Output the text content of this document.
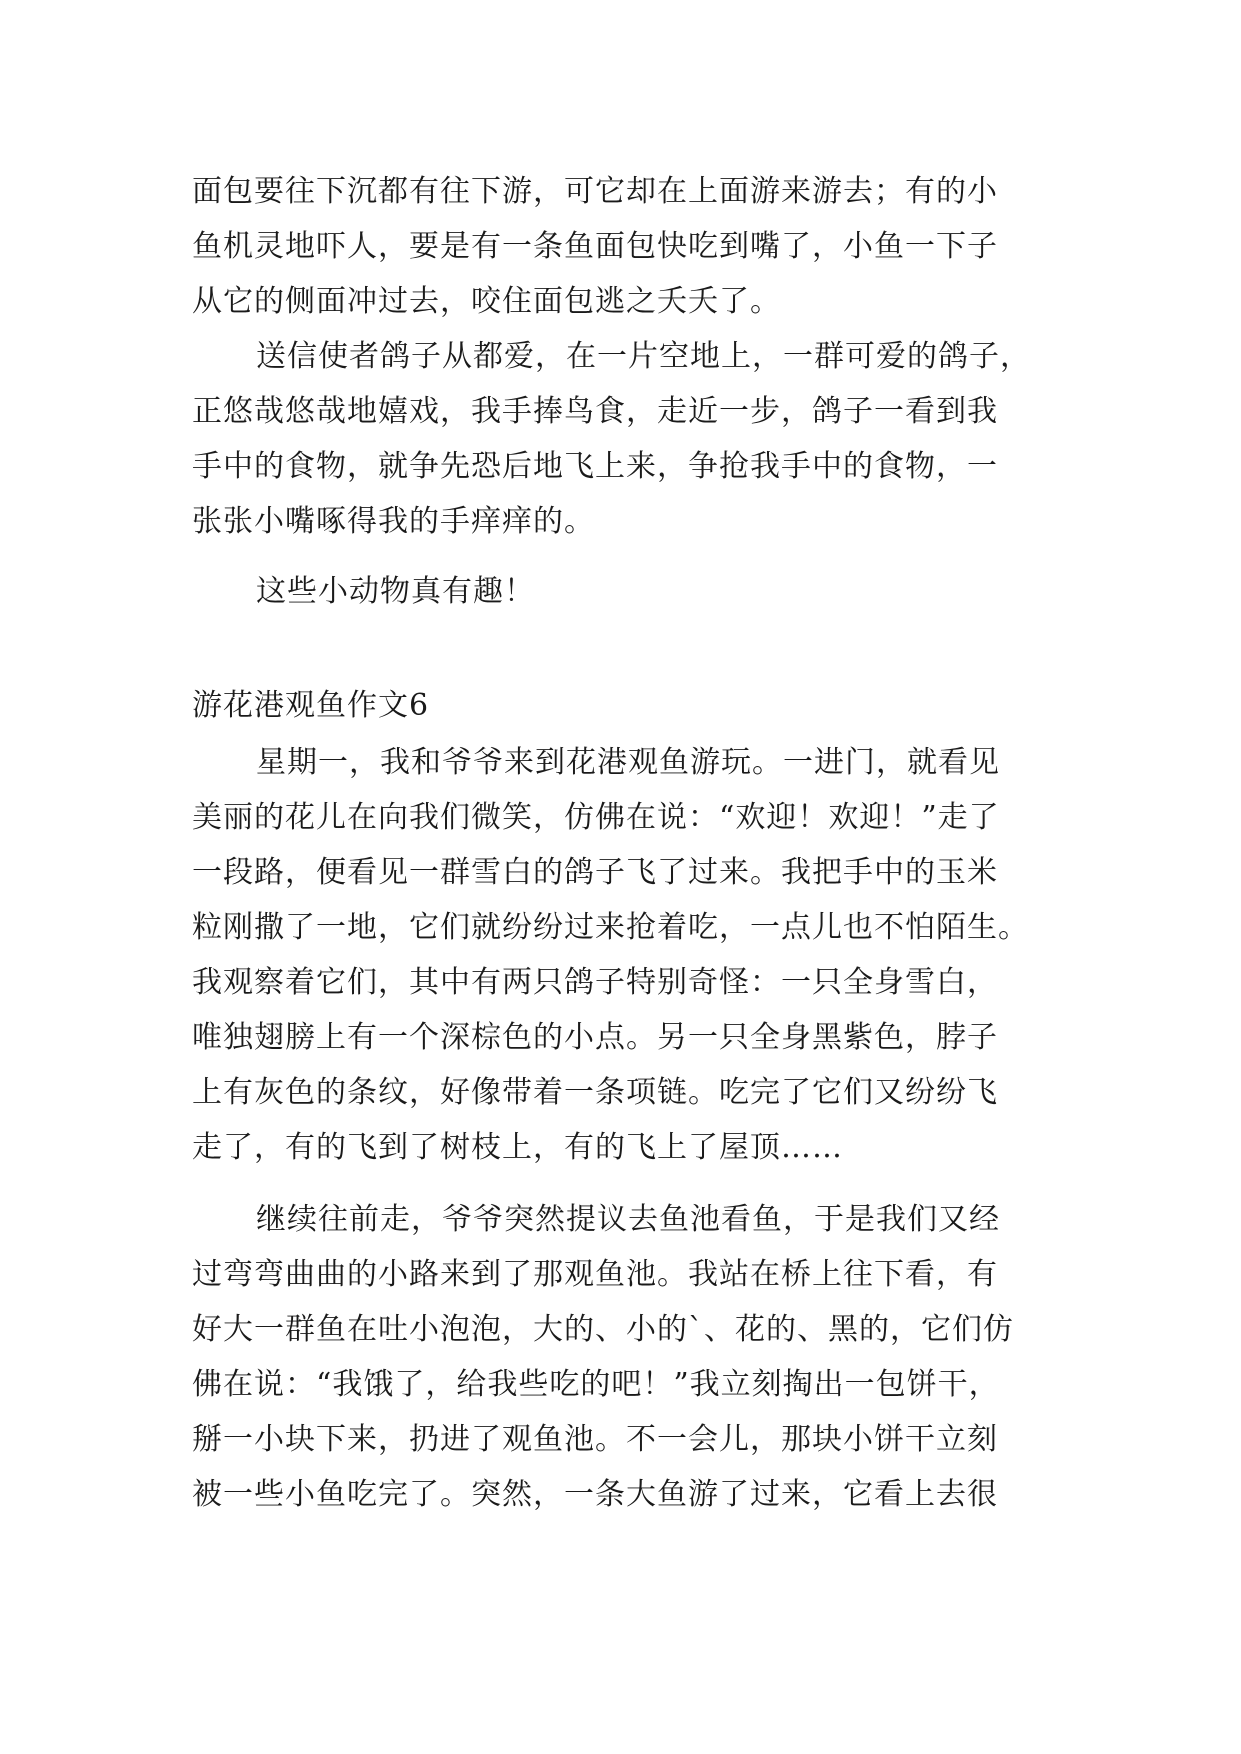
面包要往下沉都有往下游，可它却在上面游来游去；有的小
鱼机灵地吓人，要是有一条鱼面包快吃到嘴了，小鱼一下子
从它的侧面冲过去，咬住面包逃之夭夭了。
送信使者鸽子从都爱，在一片空地上，一群可爱的鸽子，
正悠哉悠哉地嬉戏，我手捧鸟食，走近一步，鸽子一看到我
手中的食物，就争先恐后地飞上来，争抢我手中的食物，一
张张小嘴啄得我的手痒痒的。
这些小动物真有趣！
游花港观鱼作文6
星期一，我和爷爷来到花港观鱼游玩。一进门，就看见
美丽的花儿在向我们微笑，仿佛在说：“欢迎！欢迎！”走了
一段路，便看见一群雪白的鸽子飞了过来。我把手中的玉米
粒刚撒了一地，它们就纷纷过来抢着吃，一点儿也不怕陌生。
我观察着它们，其中有两只鸽子特别奇怪：一只全身雪白，
唯独翅膀上有一个深棕色的小点。另一只全身黑紫色，脖子
上有灰色的条纹，好像带着一条项链。吃完了它们又纷纷飞
走了，有的飞到了树枝上，有的飞上了屋顶……
继续往前走，爷爷突然提议去鱼池看鱼，于是我们又经
过弯弯曲曲的小路来到了那观鱼池。我站在桥上往下看，有
好大一群鱼在吐小泡泡，大的、小的`、花的、黑的，它们仿
佛在说：“我饿了，给我些吃的吧！”我立刻掏出一包饼干，
掰一小块下来，扔进了观鱼池。不一会儿，那块小饼干立刻
被一些小鱼吃完了。突然，一条大鱼游了过来，它看上去很
